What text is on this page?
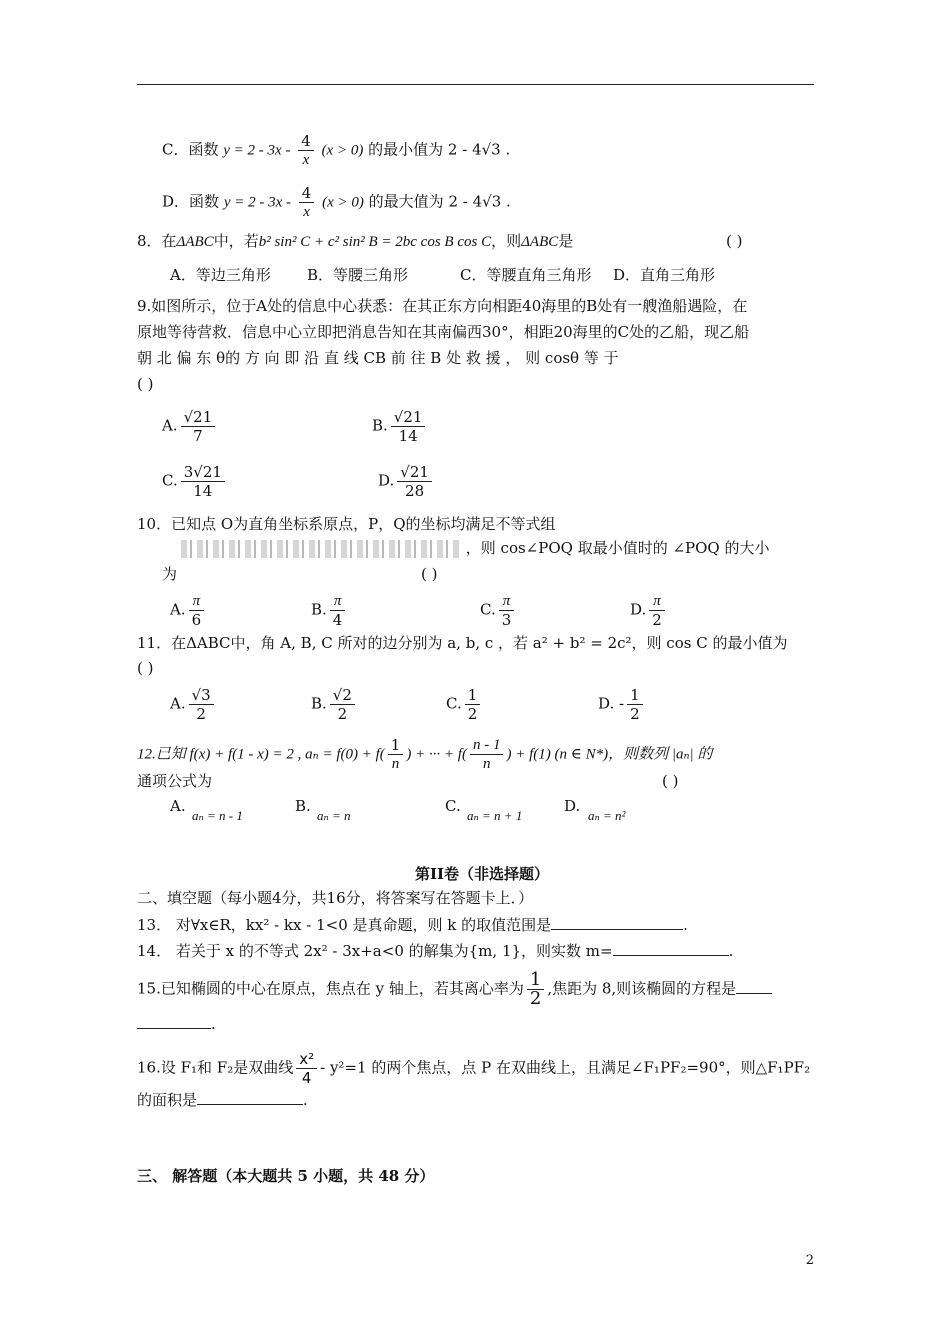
C．函数 $y = 2 - 3x - \frac{4}{x} (x > 0)$ 的最小值为 2 - 4√3 .
D．函数 $y = 2 - 3x - \frac{4}{x} (x > 0)$ 的最大值为 2 - 4√3 .
8．在ΔABC中，若b² sin² C + c² sin² B = 2bc cos B cos C，则ΔABC是	( )
A．等边三角形 B．等腰三角形	C．等腰直角三角形 D．直角三角形
9.如图所示，位于A处的信息中心获悉：在其正东方向相距40海里的B处有一艘渔船遇险，在
原地等待营救．信息中心立即把消息告知在其南偏西30°，相距20海里的C处的乙船，现乙船
朝 北 偏 东 θ的 方 向 即 沿 直 线 CB 前 往 B 处 救 援 ， 则 cosθ 等 于
( )
A. $\frac{√21}{7}$	B. $\frac{√21}{14}$
C. $\frac{3√21}{14}$	D. $\frac{√21}{28}$
10．已知点 O为直角坐标系原点，P，Q的坐标均满足不等式组
，则 cos∠POQ 取最小值时的 ∠POQ 的大小
为	( )
A. $\frac{\pi}{6}$	B. $\frac{\pi}{4}$	C. $\frac{\pi}{3}$	D. $\frac{\pi}{2}$
11．在ΔABC中，角 A, B, C 所对的边分别为 a, b, c ，若 a² + b² = 2c²，则 cos C 的最小值为
( )
A. $\frac{√3}{2}$	B. $\frac{√2}{2}$	C. $\frac{1}{2}$	D. - $\frac{1}{2}$
12.已知 f(x) + f(1 - x) = 2 , $a_n = f(0) + f( \frac{1}{n}$ ) + ··· + $f( \frac{n - 1}{n}$ ) + f(1) (n ∈ N*)，则数列 |aₙ| 的
通项公式为	( )
A.
aₙ = n - 1
B.
aₙ = n
C.
aₙ = n + 1
D.
aₙ = n²
第II卷（非选择题）
二、填空题（每小题4分，共16分，将答案写在答题卡上．）
13． 对∀x∈R，kx² - kx - 1<0 是真命题，则 k 的取值范围是	.
14． 若关于 x 的不等式 2x² - 3x+a<0 的解集为{m, 1}，则实数 m=	.
15.已知椭圆的中心在原点，焦点在 y 轴上，若其离心率为 $\frac{1}{2}$ ,焦距为 8,则该椭圆的方程是
.
16.设 F₁和 F₂是双曲线 $\frac{\text{x²}}{4} - y^2=1$ 的两个焦点，点 P 在双曲线上，且满足∠F₁PF₂=90°，则△F₁PF₂
的面积是	.
三、 解答题（本大题共 5 小题，共 48 分）
2
